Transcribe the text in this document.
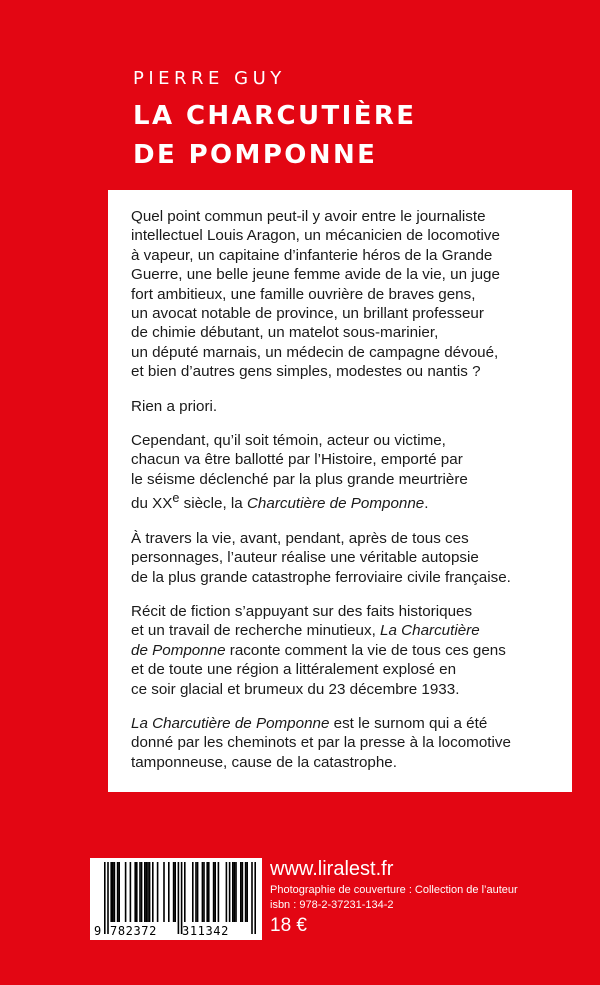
PIERRE GUY
LA CHARCUTIÈRE
DE POMPONNE

Quel point commun peut-il y avoir entre le journaliste
intellectuel Louis Aragon, un mécanicien de locomotive
à vapeur, un capitaine d’infanterie héros de la Grande
Guerre, une belle jeune femme avide de la vie, un juge
fort ambitieux, une famille ouvrière de braves gens,
un avocat notable de province, un brillant professeur
de chimie débutant, un matelot sous-marinier,
un député marnais, un médecin de campagne dévoué,
et bien d’autres gens simples, modestes ou nantis ?

Rien a priori.

Cependant, qu’il soit témoin, acteur ou victime,
chacun va être ballotté par l’Histoire, emporté par
le séisme déclenché par la plus grande meurtrière
du XXe siècle, la Charcutière de Pomponne.

À travers la vie, avant, pendant, après de tous ces
personnages, l’auteur réalise une véritable autopsie
de la plus grande catastrophe ferroviaire civile française.

Récit de fiction s’appuyant sur des faits historiques
et un travail de recherche minutieux, La Charcutière
de Pomponne raconte comment la vie de tous ces gens
et de toute une région a littéralement explosé en
ce soir glacial et brumeux du 23 décembre 1933.

La Charcutière de Pomponne est le surnom qui a été
donné par les cheminots et par la presse à la locomotive
tamponneuse, cause de la catastrophe.

9 782372 311342
www.liralest.fr
Photographie de couverture : Collection de l’auteur
isbn : 978-2-37231-134-2
18 €
